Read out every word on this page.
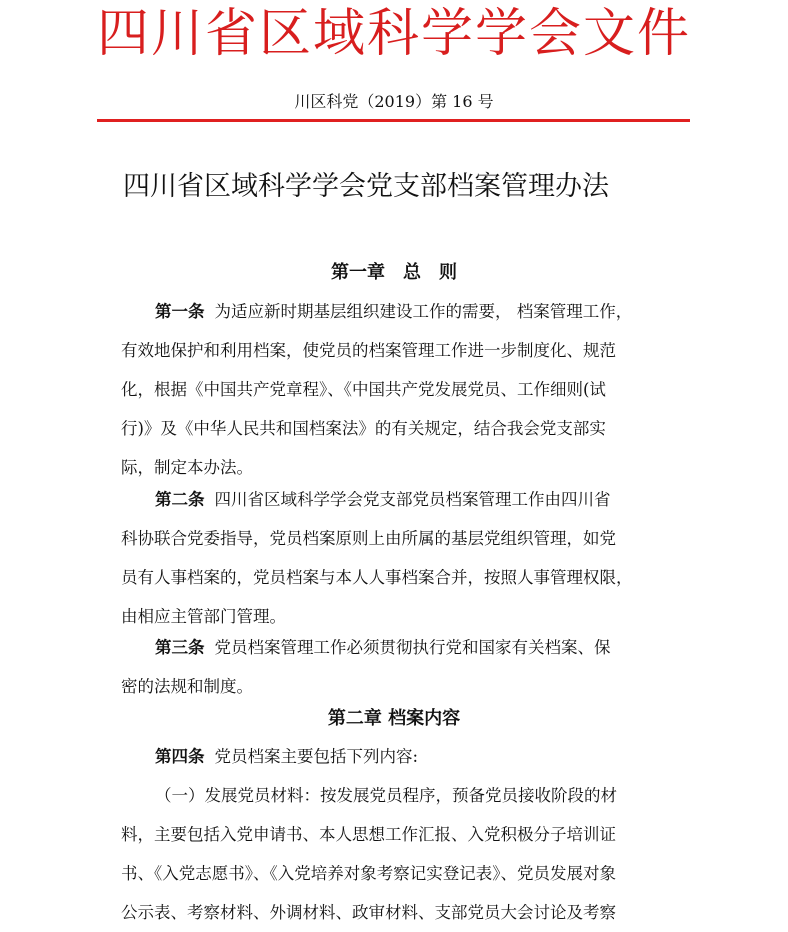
四川省区域科学学会文件
川区科党（2019）第 16 号
四川省区域科学学会党支部档案管理办法
第一章　总　则
第一条 为适应新时期基层组织建设工作的需要， 档案管理工作，
有效地保护和利用档案，使党员的档案管理工作进一步制度化、规范
化，根据《中国共产党章程》、《中国共产党发展党员、工作细则(试
行)》及《中华人民共和国档案法》的有关规定，结合我会党支部实
际，制定本办法。
第二条 四川省区域科学学会党支部党员档案管理工作由四川省
科协联合党委指导，党员档案原则上由所属的基层党组织管理，如党
员有人事档案的，党员档案与本人人事档案合并，按照人事管理权限，
由相应主管部门管理。
第三条 党员档案管理工作必须贯彻执行党和国家有关档案、保
密的法规和制度。
第二章 档案内容
第四条 党员档案主要包括下列内容:
（一）发展党员材料：按发展党员程序，预备党员接收阶段的材
料，主要包括入党申请书、本人思想工作汇报、入党积极分子培训证
书、《入党志愿书》、《入党培养对象考察记实登记表》、党员发展对象
公示表、考察材料、外调材料、政审材料、支部党员大会讨论及考察
